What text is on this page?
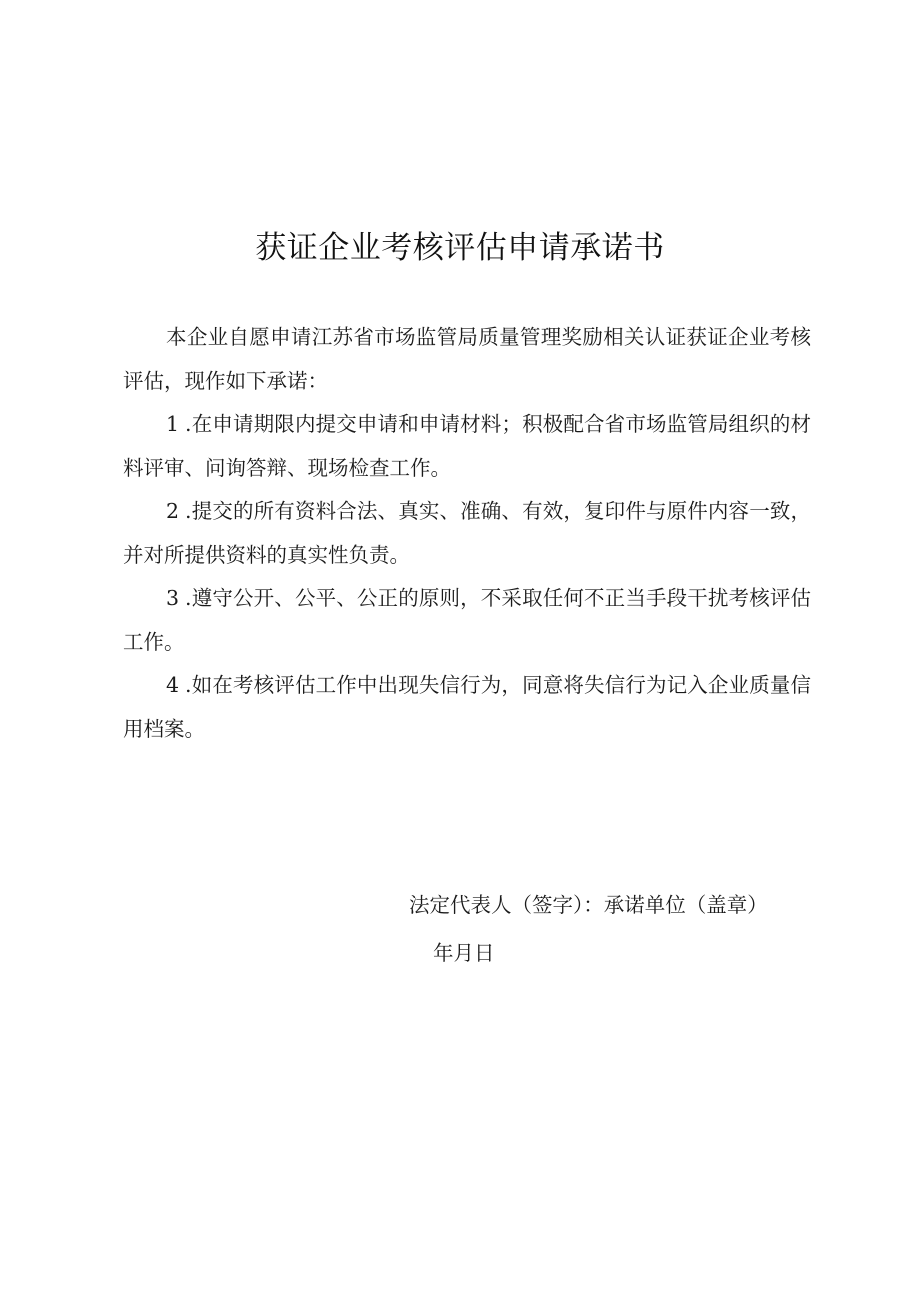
获证企业考核评估申请承诺书

本企业自愿申请江苏省市场监管局质量管理奖励相关认证获证企业考核评估，现作如下承诺：

1 .在申请期限内提交申请和申请材料；积极配合省市场监管局组织的材料评审、问询答辩、现场检查工作。

2 .提交的所有资料合法、真实、准确、有效，复印件与原件内容一致，并对所提供资料的真实性负责。

3 .遵守公开、公平、公正的原则，不采取任何不正当手段干扰考核评估工作。

4 .如在考核评估工作中出现失信行为，同意将失信行为记入企业质量信用档案。

法定代表人（签字）：承诺单位（盖章）
年月日
